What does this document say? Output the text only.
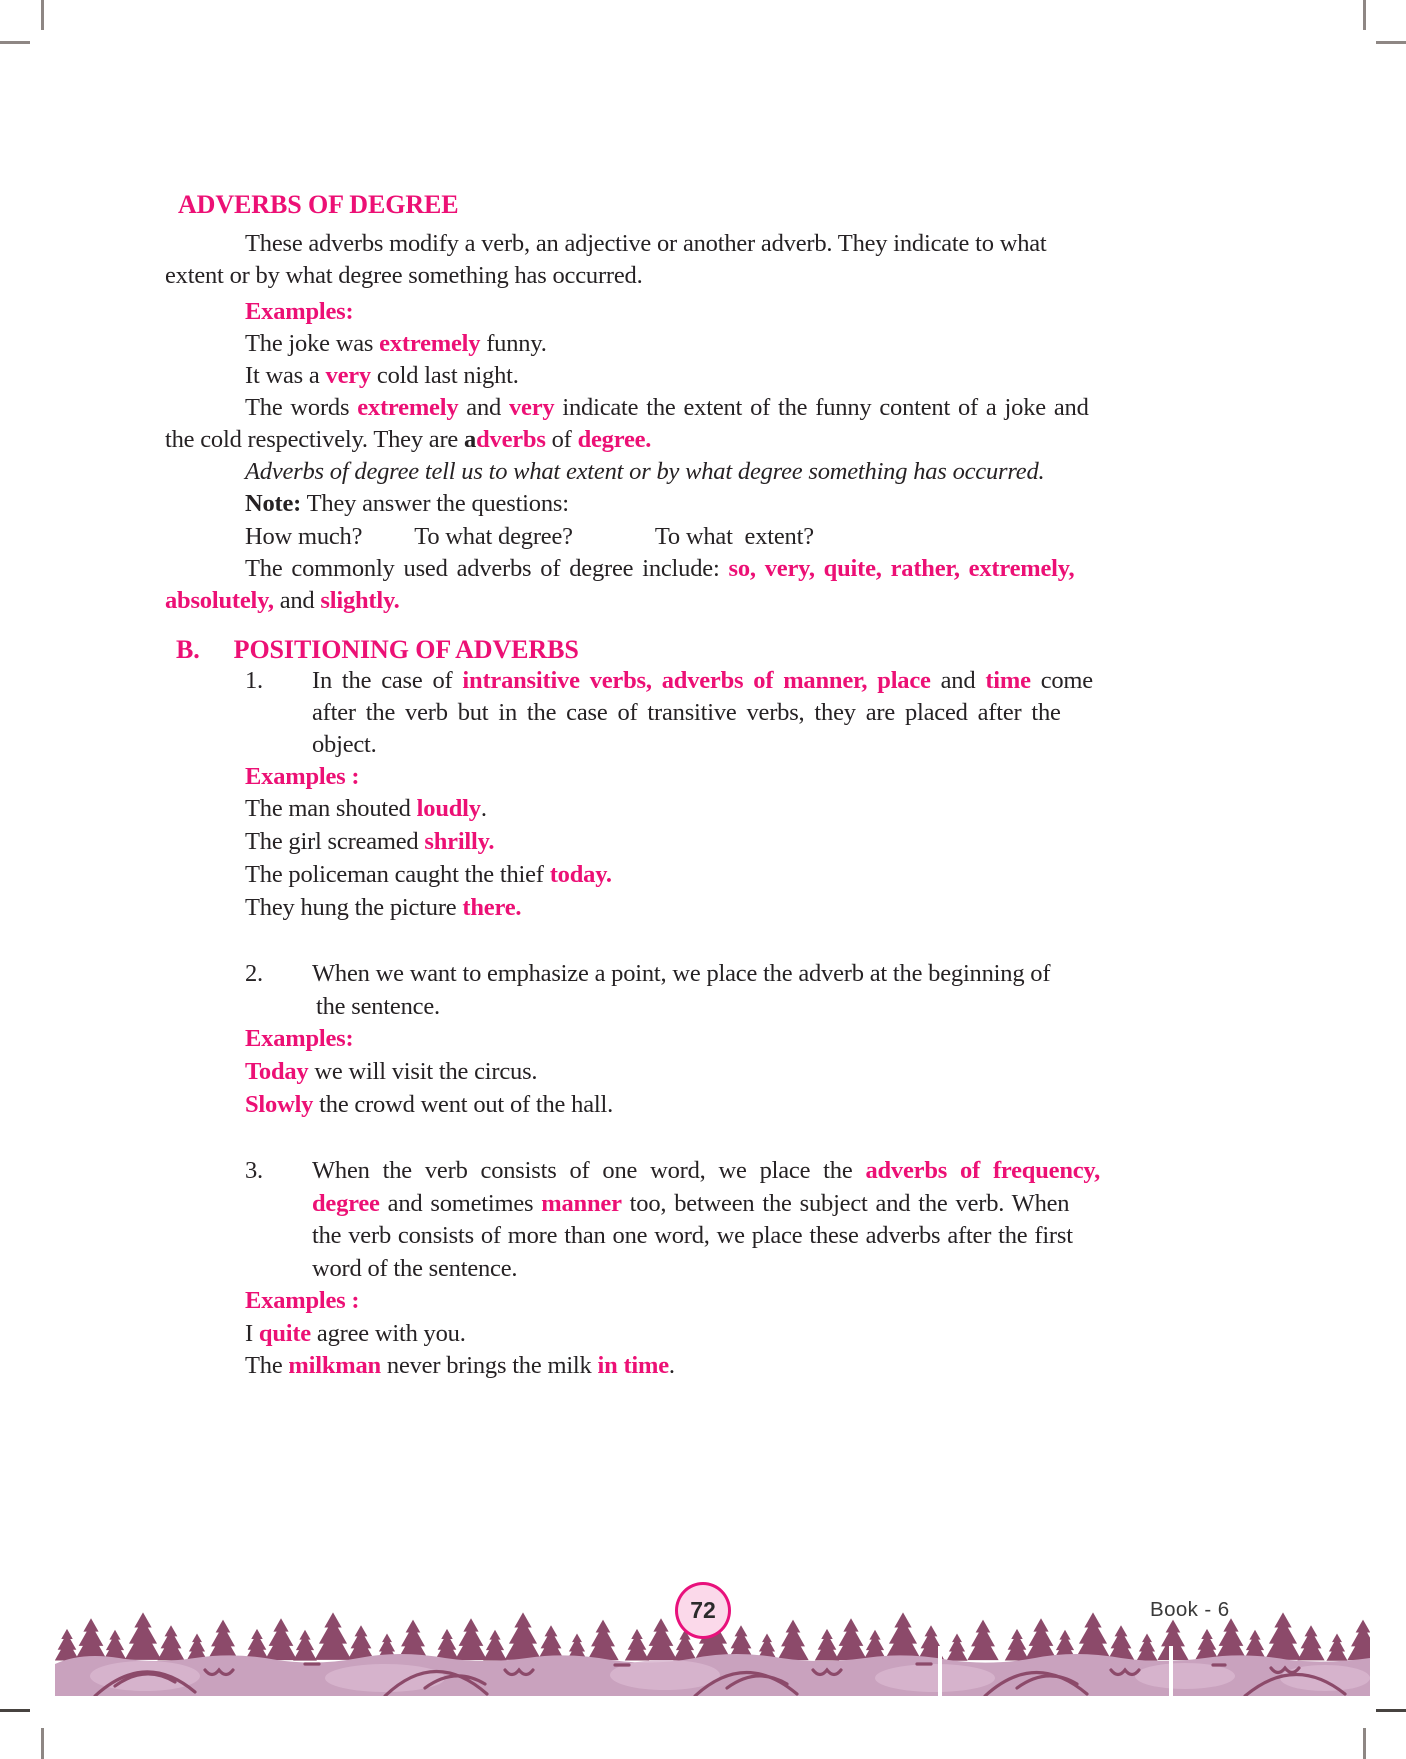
ADVERBS OF DEGREE
These adverbs modify a verb, an adjective or another adverb. They indicate to what
extent or by what degree something has occurred.
Examples:
The joke was extremely funny.
It was a very cold last night.
The words extremely and very indicate the extent of the funny content of a joke and
the cold respectively. They are adverbs of degree.
Adverbs of degree tell us to what extent or by what degree something has occurred.
Note: They answer the questions:
How much? To what degree?	To what  extent?
The commonly used adverbs of degree include: so, very, quite, rather, extremely,
absolutely, and slightly.
B. POSITIONING OF ADVERBS
1. In the case of intransitive verbs, adverbs of manner, place and time come
after the verb but in the case of transitive verbs, they are placed after the
object.
Examples :
The man shouted loudly.
The girl screamed shrilly.
The policeman caught the thief today.
They hung the picture there.
2. When we want to emphasize a point, we place the adverb at the beginning of
the sentence.
Examples:
Today we will visit the circus.
Slowly the crowd went out of the hall.
3. When the verb consists of one word, we place the adverbs of frequency,
degree and sometimes manner too, between the subject and the verb. When
the verb consists of more than one word, we place these adverbs after the first
word of the sentence.
Examples :
I quite agree with you.
The milkman never brings the milk in time.
72	Book - 6
